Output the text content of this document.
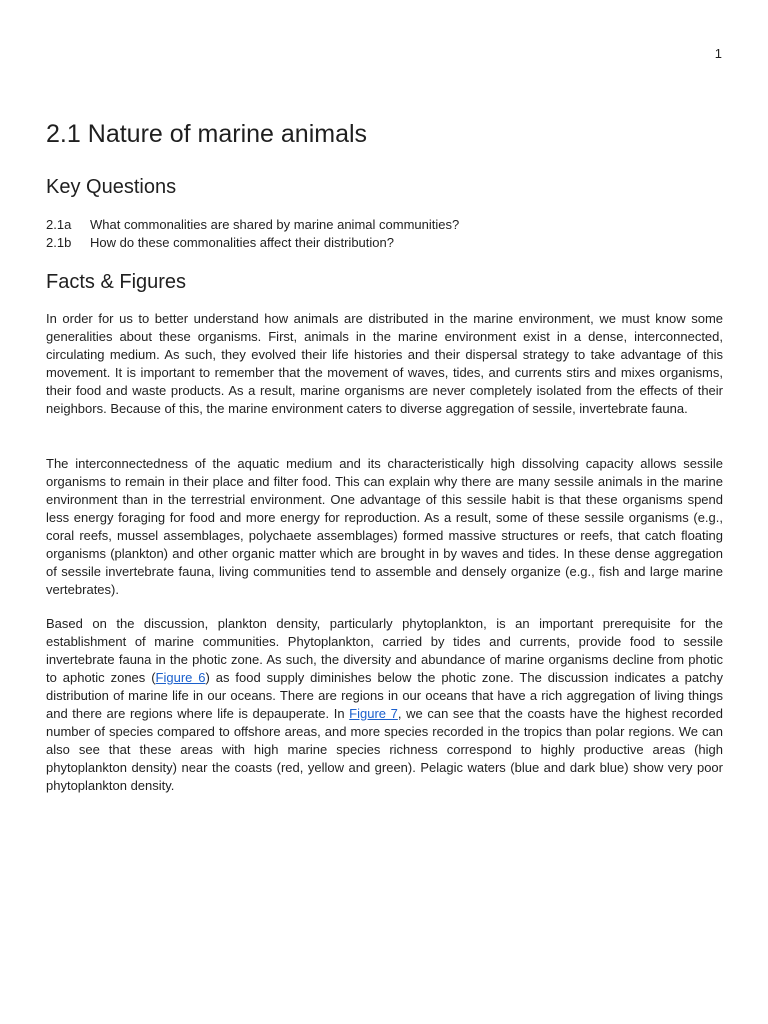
1
2.1 Nature of marine animals
Key Questions
2.1a	What commonalities are shared by marine animal communities?
2.1b	How do these commonalities affect their distribution?
Facts & Figures

In order for us to better understand how animals are distributed in the marine environment, we must know some generalities about these organisms. First, animals in the marine environment exist in a dense, interconnected, circulating medium. As such, they evolved their life histories and their dispersal strategy to take advantage of this movement. It is important to remember that the movement of waves, tides, and currents stirs and mixes organisms, their food and waste products. As a result, marine organisms are never completely isolated from the effects of their neighbors. Because of this, the marine environment caters to diverse aggregation of sessile, invertebrate fauna.

The interconnectedness of the aquatic medium and its characteristically high dissolving capacity allows sessile organisms to remain in their place and filter food. This can explain why there are many sessile animals in the marine environment than in the terrestrial environment. One advantage of this sessile habit is that these organisms spend less energy foraging for food and more energy for reproduction. As a result, some of these sessile organisms (e.g., coral reefs, mussel assemblages, polychaete assemblages) formed massive structures or reefs, that catch floating organisms (plankton) and other organic matter which are brought in by waves and tides. In these dense aggregation of sessile invertebrate fauna, living communities tend to assemble and densely organize (e.g., fish and large marine vertebrates).

Based on the discussion, plankton density, particularly phytoplankton, is an important prerequisite for the establishment of marine communities. Phytoplankton, carried by tides and currents, provide food to sessile invertebrate fauna in the photic zone. As such, the diversity and abundance of marine organisms decline from photic to aphotic zones (Figure 6) as food supply diminishes below the photic zone. The discussion indicates a patchy distribution of marine life in our oceans. There are regions in our oceans that have a rich aggregation of living things and there are regions where life is depauperate. In Figure 7, we can see that the coasts have the highest recorded number of species compared to offshore areas, and more species recorded in the tropics than polar regions. We can also see that these areas with high marine species richness correspond to highly productive areas (high phytoplankton density) near the coasts (red, yellow and green). Pelagic waters (blue and dark blue) show very poor phytoplankton density.
